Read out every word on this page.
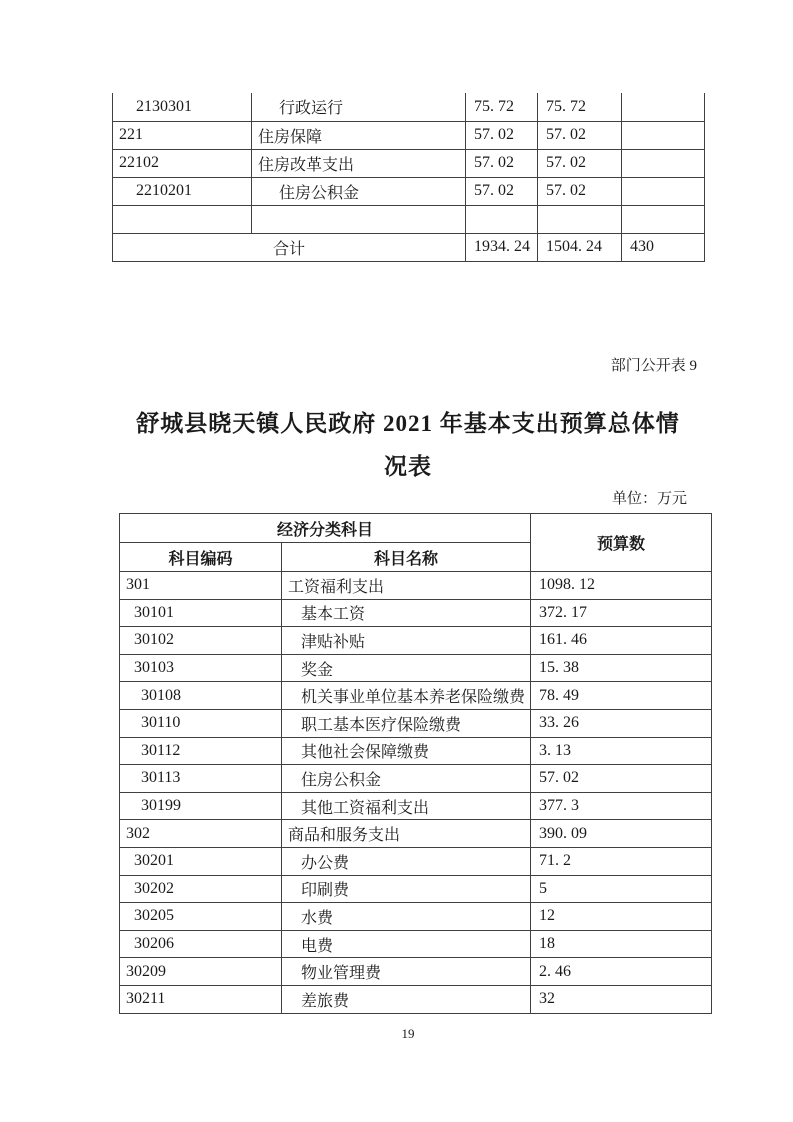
2130301	行政运行	75. 72	75. 72	
221	住房保障	57. 02	57. 02	
22102	住房改革支出	57. 02	57. 02	
2210201	住房公积金	57. 02	57. 02	

合计		1934. 24	1504. 24	430
部门公开表 9
舒城县晓天镇人民政府 2021 年基本支出预算总体情
况表
单位：万元
经济分类科目		预算数
科目编码	科目名称	
301	工资福利支出	1098. 12
30101	基本工资	372. 17
30102	津贴补贴	161. 46
30103	奖金	15. 38
30108	机关事业单位基本养老保险缴费	78. 49
30110	职工基本医疗保险缴费	33. 26
30112	其他社会保障缴费	3. 13
30113	住房公积金	57. 02
30199	其他工资福利支出	377. 3
302	商品和服务支出	390. 09
30201	办公费	71. 2
30202	印刷费	5
30205	水费	12
30206	电费	18
30209	物业管理费	2. 46
30211	差旅费	32
19
